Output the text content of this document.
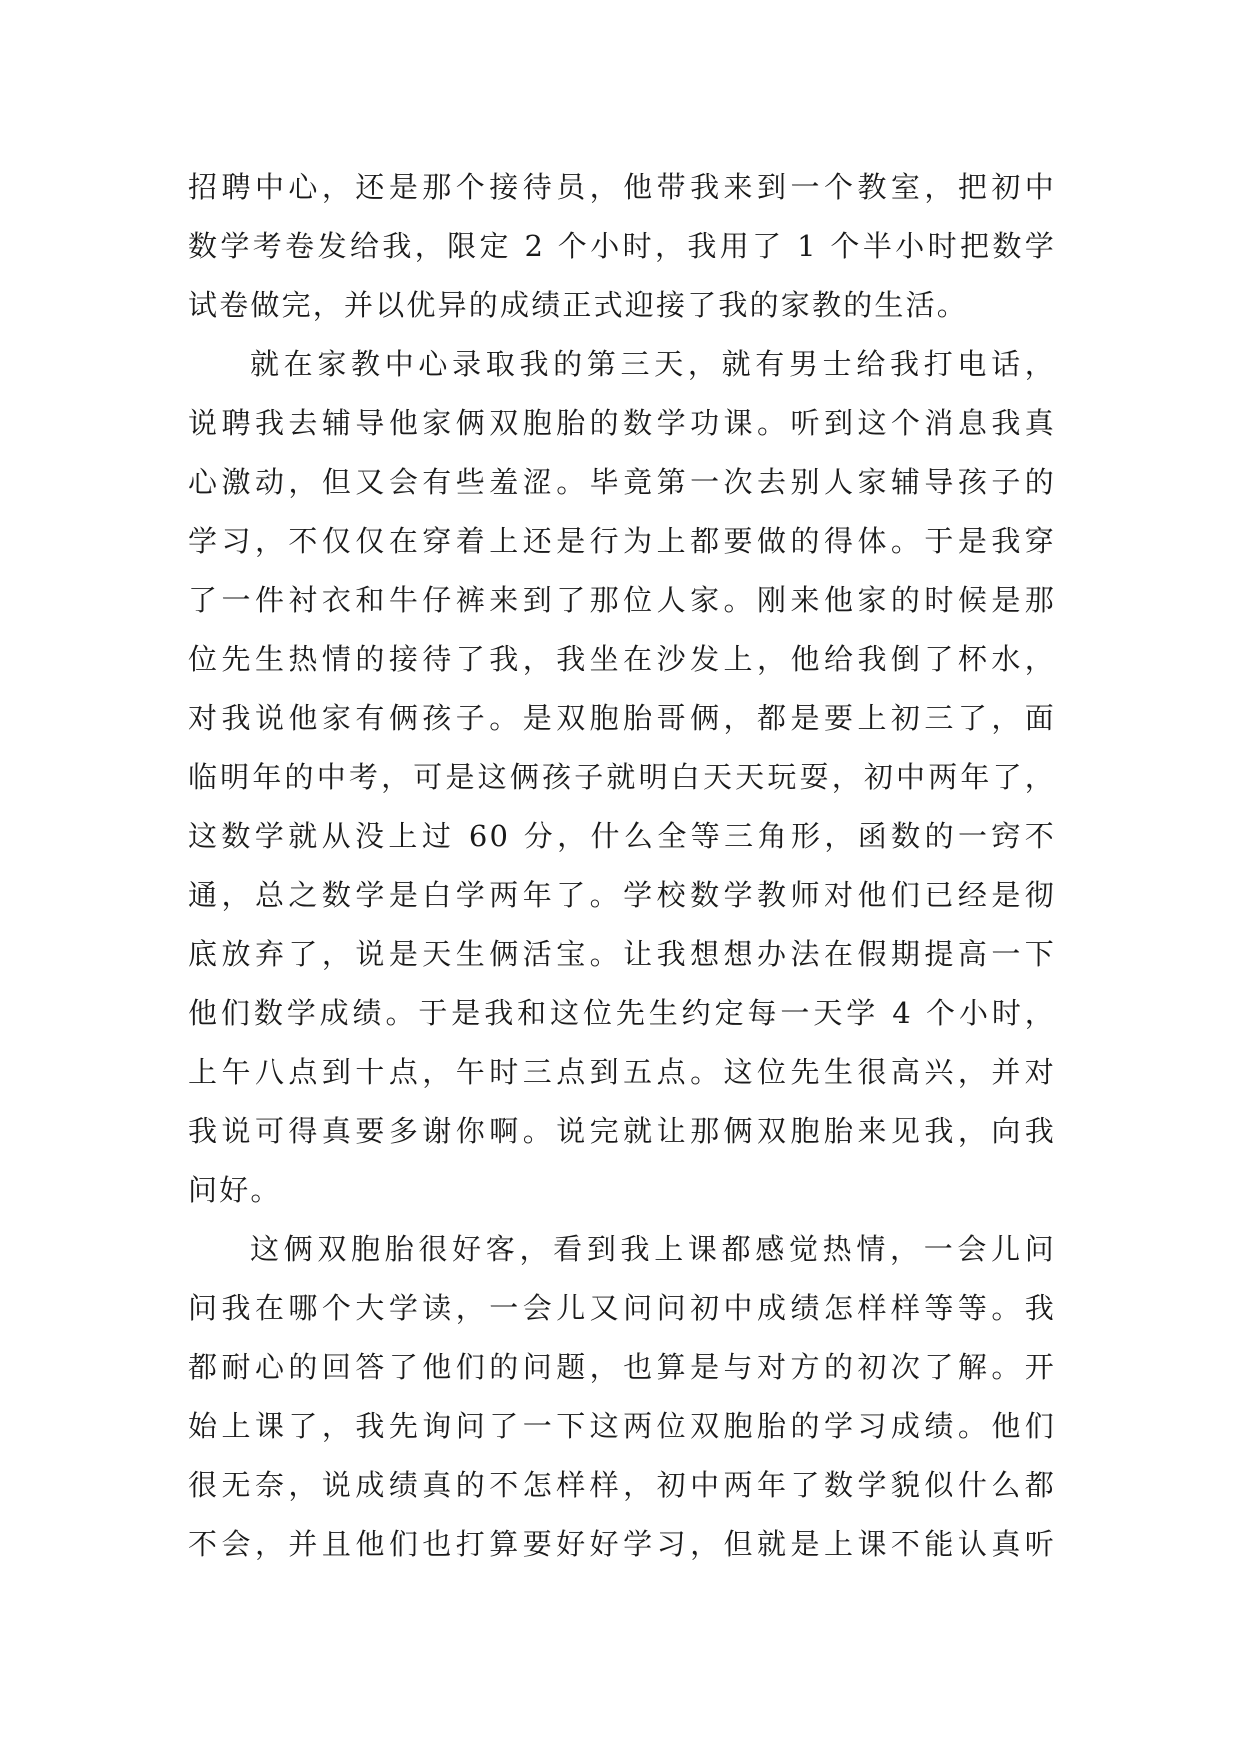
招聘中心，还是那个接待员，他带我来到一个教室，把初中
数学考卷发给我，限定 2 个小时，我用了 1 个半小时把数学
试卷做完，并以优异的成绩正式迎接了我的家教的生活。
就在家教中心录取我的第三天，就有男士给我打电话，
说聘我去辅导他家俩双胞胎的数学功课。听到这个消息我真
心激动，但又会有些羞涩。毕竟第一次去别人家辅导孩子的
学习，不仅仅在穿着上还是行为上都要做的得体。于是我穿
了一件衬衣和牛仔裤来到了那位人家。刚来他家的时候是那
位先生热情的接待了我，我坐在沙发上，他给我倒了杯水，
对我说他家有俩孩子。是双胞胎哥俩，都是要上初三了，面
临明年的中考，可是这俩孩子就明白天天玩耍，初中两年了，
这数学就从没上过 60 分，什么全等三角形，函数的一窍不
通，总之数学是白学两年了。学校数学教师对他们已经是彻
底放弃了，说是天生俩活宝。让我想想办法在假期提高一下
他们数学成绩。于是我和这位先生约定每一天学 4 个小时，
上午八点到十点，午时三点到五点。这位先生很高兴，并对
我说可得真要多谢你啊。说完就让那俩双胞胎来见我，向我
问好。
这俩双胞胎很好客，看到我上课都感觉热情，一会儿问
问我在哪个大学读，一会儿又问问初中成绩怎样样等等。我
都耐心的回答了他们的问题，也算是与对方的初次了解。开
始上课了，我先询问了一下这两位双胞胎的学习成绩。他们
很无奈，说成绩真的不怎样样，初中两年了数学貌似什么都
不会，并且他们也打算要好好学习，但就是上课不能认真听
